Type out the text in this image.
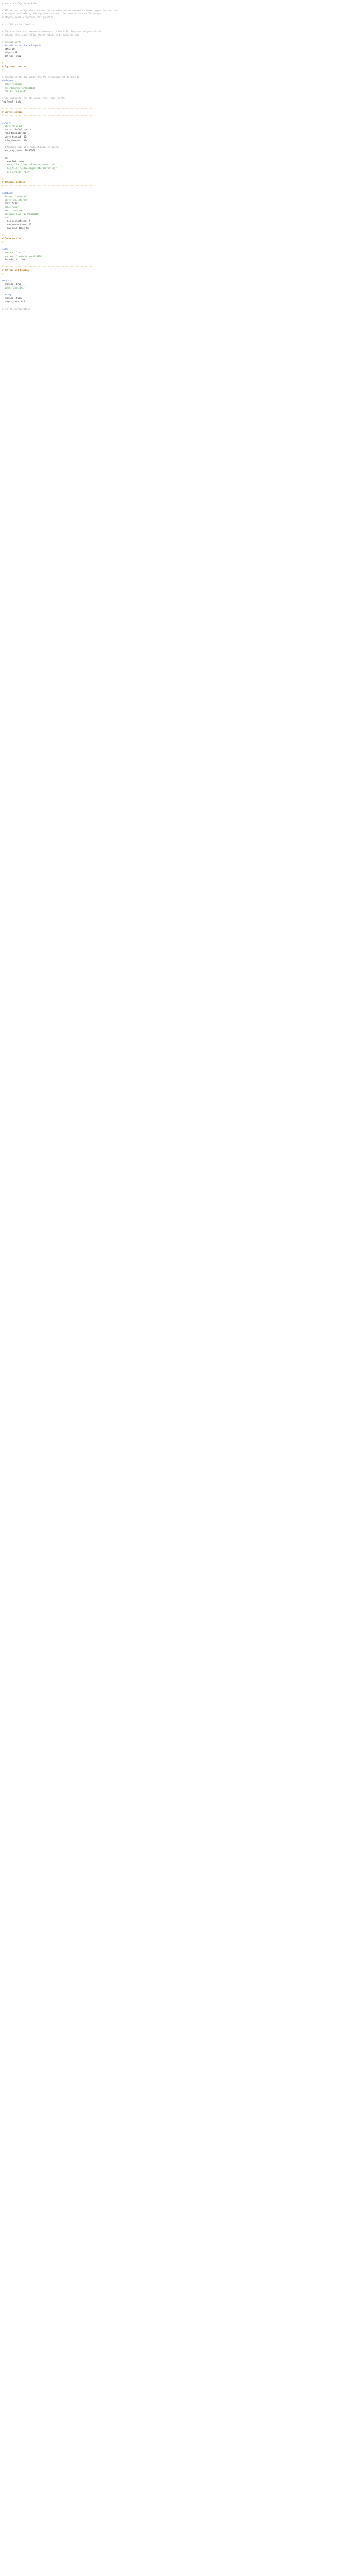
# Mocked Configuration File
# All of the configuration options listed below are documented in their respective sections.
# We begin by examining the top-level options, then move on to specific groups.
# https://example.org/docs/configuration
# -- YAML anchors begin --
# These anchors are referenced elsewhere in the file. They are not part of the
# schema; they simply allow shared values to be declared once.
# Default ports
x-default-ports: &default-ports
http: 80
https: 443
metrics: 9100
# -----------------------------------------------------------------------
# Top-level section
# -----------------------------------------------------------------------
# Identifies the deployment and the environment it belongs to.
deployment:
name: "example"
environment: "production"
region: "eu-west"
# Log verbosity. One of: debug, info, warn, error.
log_level: info
# -----------------------------------------------------------------------
# Server section
# -----------------------------------------------------------------------
server:
host: "0.0.0.0"
ports: *default-ports
read_timeout: 30s
write_timeout: 30s
idle_timeout: 120s
# Maximum size of a request body, in bytes.
max_body_bytes: 10485760
tls:
enabled: true
cert_file: "/etc/ssl/certs/server.crt"
key_file: "/etc/ssl/private/server.key"
min_version: "1.2"
# -----------------------------------------------------------------------
# Database section
# -----------------------------------------------------------------------
database:
driver: "postgres"
host: "db.internal"
port: 5432
name: "app"
user: "app_user"
password_env: "DB_PASSWORD"
pool:
min_connections: 2
max_connections: 20
max_idle_time: 5m
# -----------------------------------------------------------------------
# Cache section
# -----------------------------------------------------------------------
cache:
backend: "redis"
address: "cache.internal:6379"
default_ttl: 10m
# -----------------------------------------------------------------------
# Metrics and tracing
# -----------------------------------------------------------------------
metrics:
enabled: true
path: "/metrics"
tracing:
enabled: false
sample_rate: 0.1
# End of configuration
